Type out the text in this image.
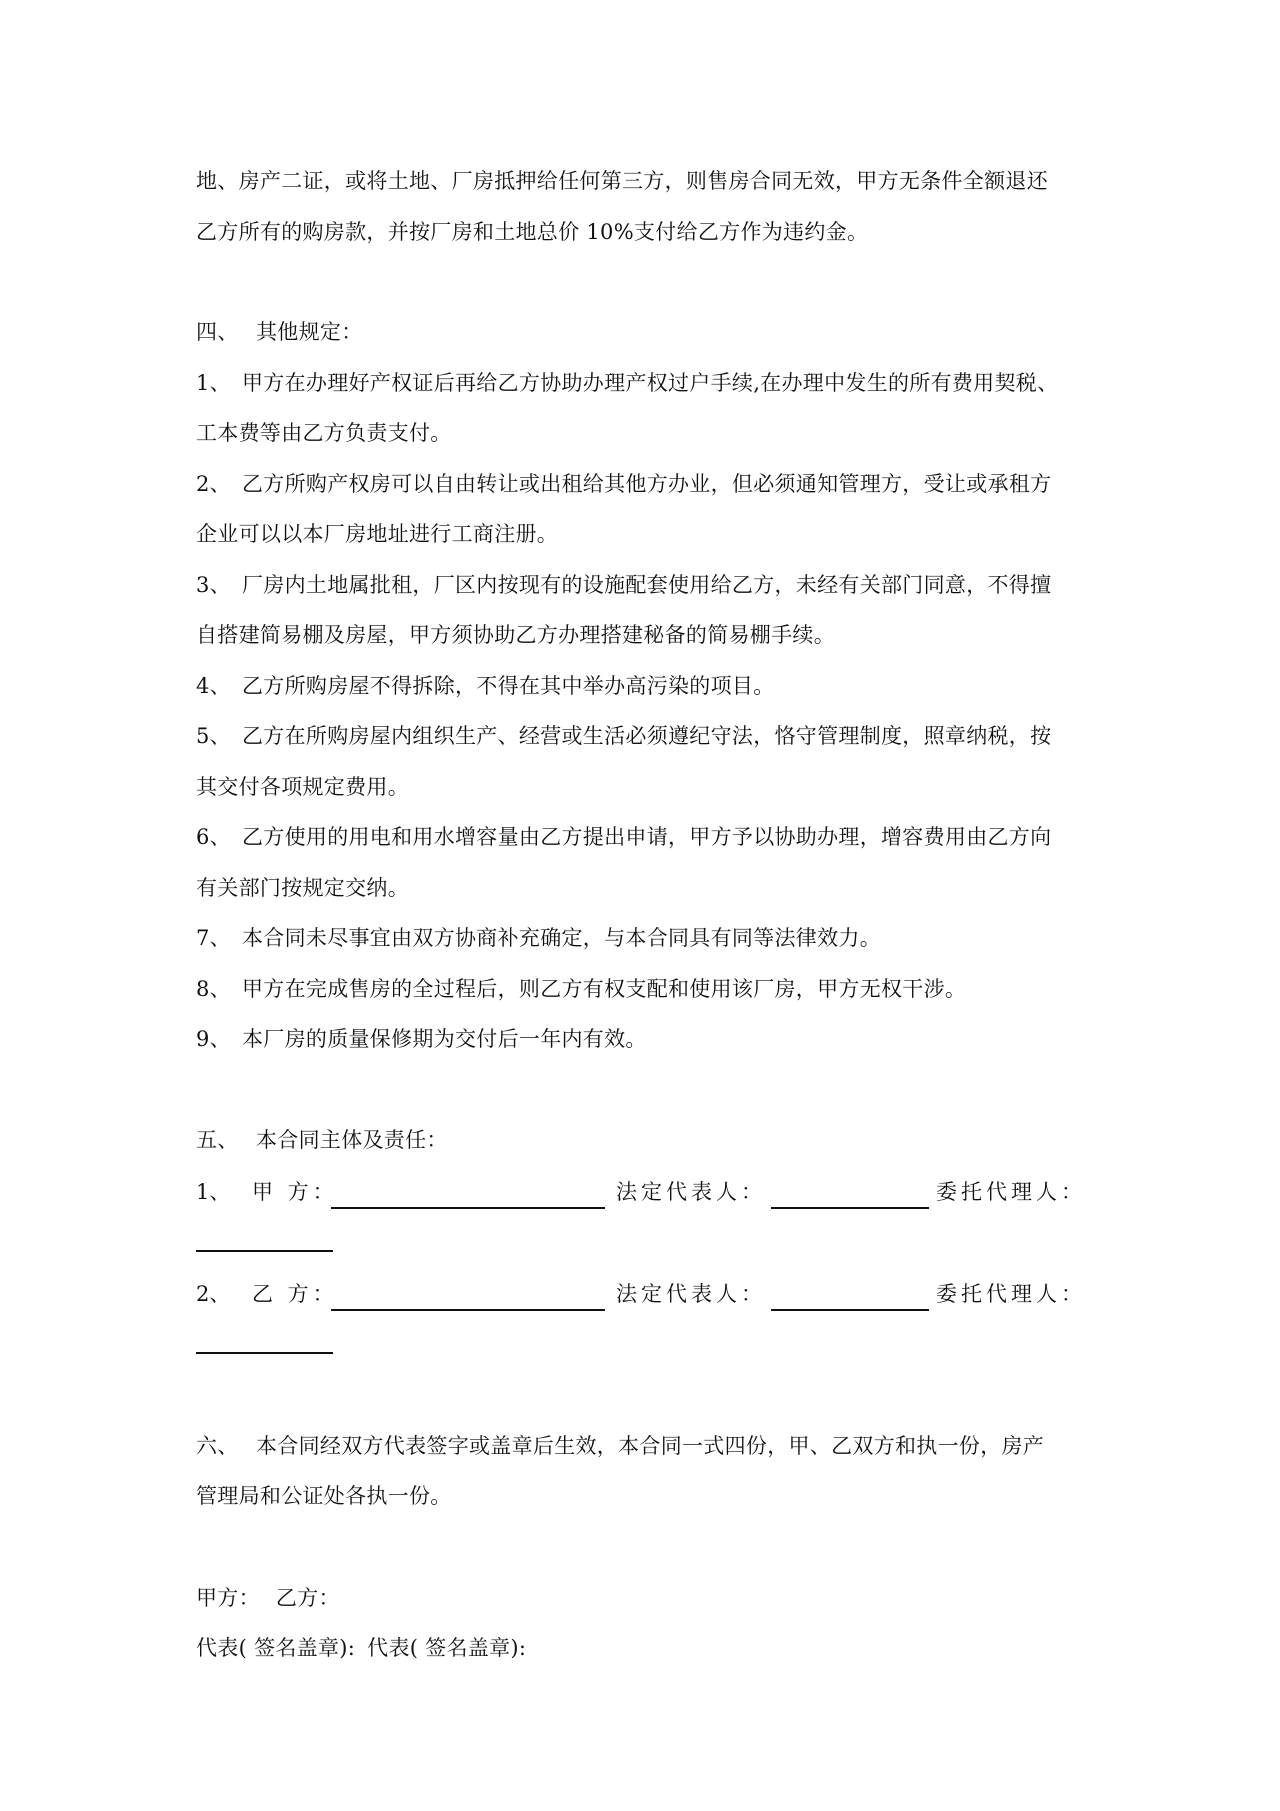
地、房产二证，或将土地、厂房抵押给任何第三方，则售房合同无效，甲方无条件全额退还
乙方所有的购房款，并按厂房和土地总价 10%支付给乙方作为违约金。
四、 其他规定：
1、 甲方在办理好产权证后再给乙方协助办理产权过户手续,在办理中发生的所有费用契税、
工本费等由乙方负责支付。
2、 乙方所购产权房可以自由转让或出租给其他方办业，但必须通知管理方，受让或承租方
企业可以以本厂房地址进行工商注册。
3、 厂房内土地属批租，厂区内按现有的设施配套使用给乙方，未经有关部门同意，不得擅
自搭建简易棚及房屋，甲方须协助乙方办理搭建秘备的简易棚手续。
4、 乙方所购房屋不得拆除，不得在其中举办高污染的项目。
5、 乙方在所购房屋内组织生产、经营或生活必须遵纪守法，恪守管理制度，照章纳税，按
其交付各项规定费用。
6、 乙方使用的用电和用水增容量由乙方提出申请，甲方予以协助办理，增容费用由乙方向
有关部门按规定交纳。
7、 本合同未尽事宜由双方协商补充确定，与本合同具有同等法律效力。
8、 甲方在完成售房的全过程后，则乙方有权支配和使用该厂房，甲方无权干涉。
9、 本厂房的质量保修期为交付后一年内有效。
五、 本合同主体及责任：
1、 甲 方：	法定代表人：	委托代理人：
2、 乙 方：	法定代表人：	委托代理人：
六、 本合同经双方代表签字或盖章后生效，本合同一式四份，甲、乙双方和执一份，房产
管理局和公证处各执一份。
甲方： 乙方：
代表( 签名盖章): 代表( 签名盖章):
